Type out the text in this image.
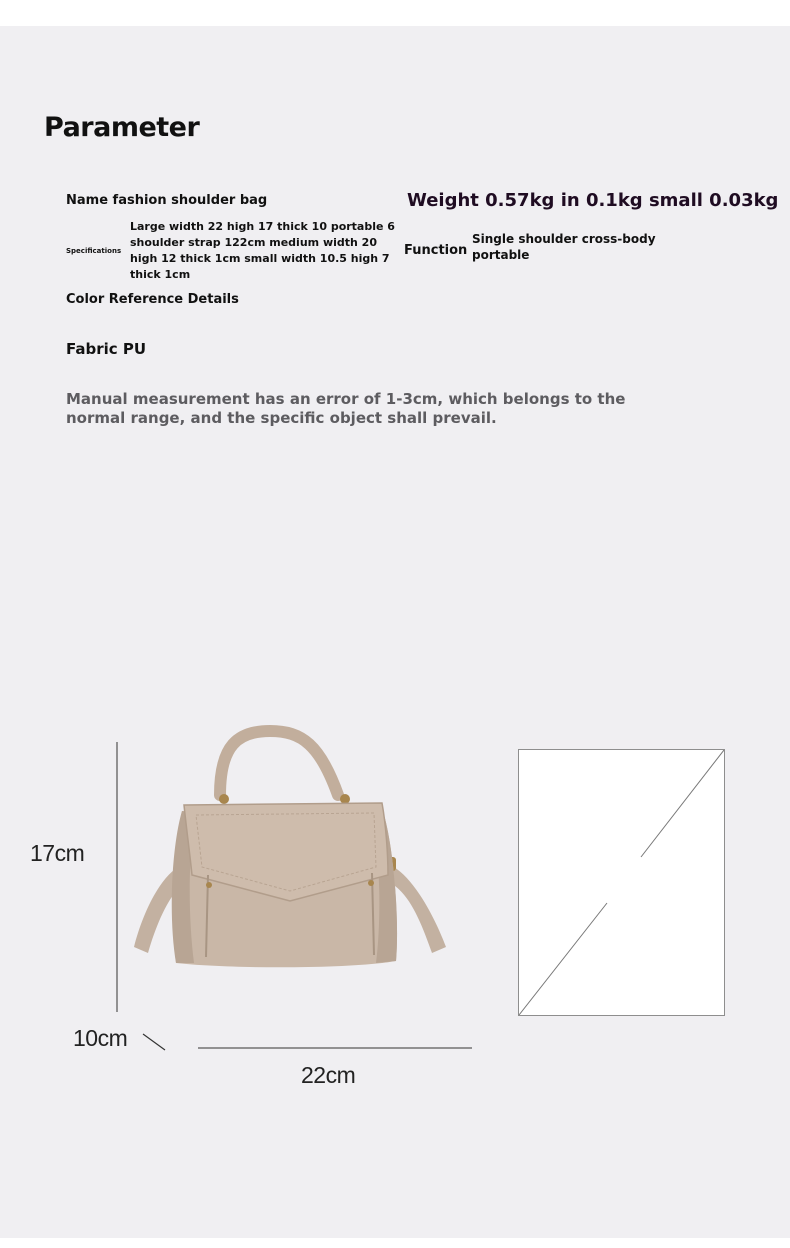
Parameter
Name fashion shoulder bag
Specifications
Large width 22 high 17 thick 10 portable 6 shoulder strap 122cm medium width 20 high 12 thick 1cm small width 10.5 high 7 thick 1cm
Weight 0.57kg in 0.1kg small 0.03kg
Function
Single shoulder cross-body portable
Color Reference Details
Fabric PU
Manual measurement has an error of 1-3cm, which belongs to the normal range, and the specific object shall prevail.
17cm
10cm
22cm
